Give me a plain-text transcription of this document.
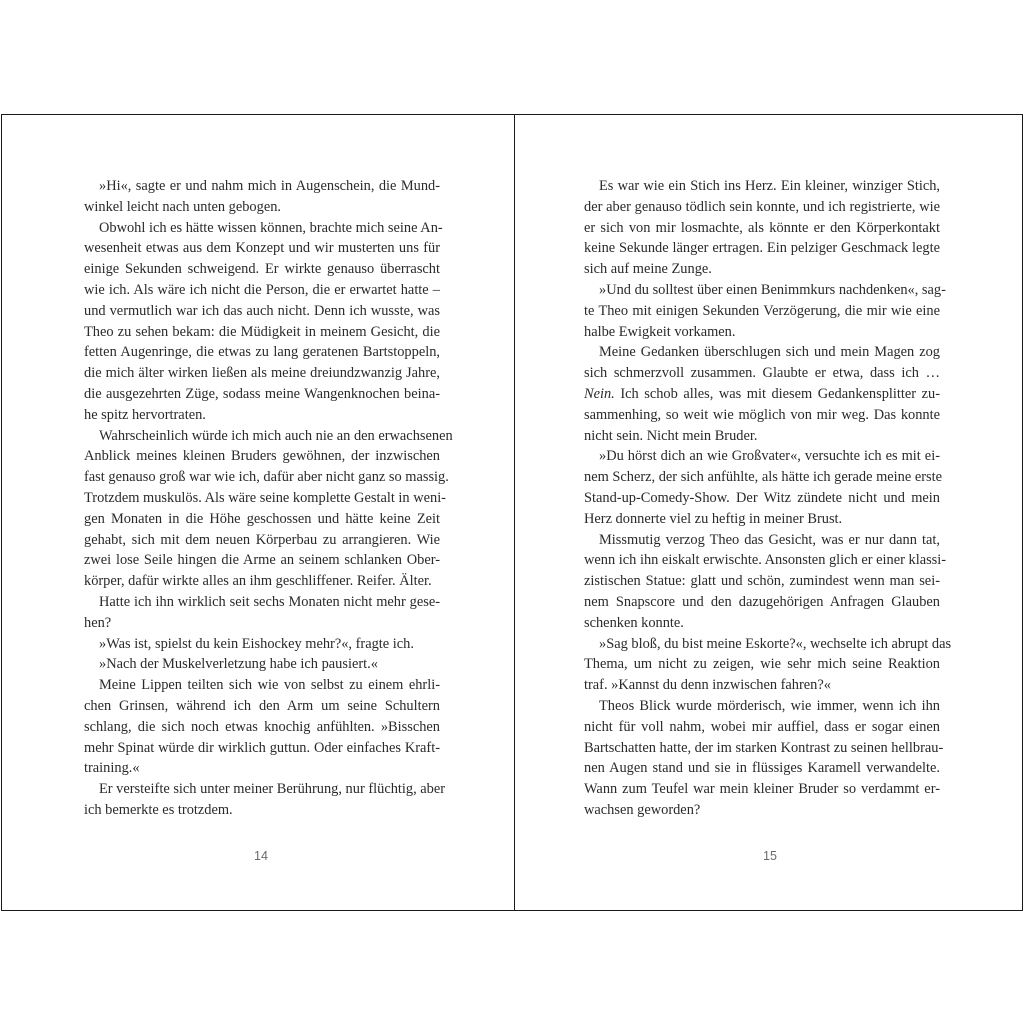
»Hi«, sagte er und nahm mich in Augenschein, die Mund-
winkel leicht nach unten gebogen.
Obwohl ich es hätte wissen können, brachte mich seine An-
wesenheit etwas aus dem Konzept und wir musterten uns für
einige Sekunden schweigend. Er wirkte genauso überrascht
wie ich. Als wäre ich nicht die Person, die er erwartet hatte –
und vermutlich war ich das auch nicht. Denn ich wusste, was
Theo zu sehen bekam: die Müdigkeit in meinem Gesicht, die
fetten Augenringe, die etwas zu lang geratenen Bartstoppeln,
die mich älter wirken ließen als meine dreiundzwanzig Jahre,
die ausgezehrten Züge, sodass meine Wangenknochen beina-
he spitz hervortraten.
Wahrscheinlich würde ich mich auch nie an den erwachsenen
Anblick meines kleinen Bruders gewöhnen, der inzwischen
fast genauso groß war wie ich, dafür aber nicht ganz so massig.
Trotzdem muskulös. Als wäre seine komplette Gestalt in weni-
gen Monaten in die Höhe geschossen und hätte keine Zeit
gehabt, sich mit dem neuen Körperbau zu arrangieren. Wie
zwei lose Seile hingen die Arme an seinem schlanken Ober-
körper, dafür wirkte alles an ihm geschliffener. Reifer. Älter.
Hatte ich ihn wirklich seit sechs Monaten nicht mehr gese-
hen?
»Was ist, spielst du kein Eishockey mehr?«, fragte ich.
»Nach der Muskelverletzung habe ich pausiert.«
Meine Lippen teilten sich wie von selbst zu einem ehrli-
chen Grinsen, während ich den Arm um seine Schultern
schlang, die sich noch etwas knochig anfühlten. »Bisschen
mehr Spinat würde dir wirklich guttun. Oder einfaches Kraft-
training.«
Er versteifte sich unter meiner Berührung, nur flüchtig, aber
ich bemerkte es trotzdem.
14
Es war wie ein Stich ins Herz. Ein kleiner, winziger Stich,
der aber genauso tödlich sein konnte, und ich registrierte, wie
er sich von mir losmachte, als könnte er den Körperkontakt
keine Sekunde länger ertragen. Ein pelziger Geschmack legte
sich auf meine Zunge.
»Und du solltest über einen Benimmkurs nachdenken«, sag-
te Theo mit einigen Sekunden Verzögerung, die mir wie eine
halbe Ewigkeit vorkamen.
Meine Gedanken überschlugen sich und mein Magen zog
sich schmerzvoll zusammen. Glaubte er etwa, dass ich …
Nein. Ich schob alles, was mit diesem Gedankensplitter zu-
sammenhing, so weit wie möglich von mir weg. Das konnte
nicht sein. Nicht mein Bruder.
»Du hörst dich an wie Großvater«, versuchte ich es mit ei-
nem Scherz, der sich anfühlte, als hätte ich gerade meine erste
Stand-up-Comedy-Show. Der Witz zündete nicht und mein
Herz donnerte viel zu heftig in meiner Brust.
Missmutig verzog Theo das Gesicht, was er nur dann tat,
wenn ich ihn eiskalt erwischte. Ansonsten glich er einer klassi-
zistischen Statue: glatt und schön, zumindest wenn man sei-
nem Snapscore und den dazugehörigen Anfragen Glauben
schenken konnte.
»Sag bloß, du bist meine Eskorte?«, wechselte ich abrupt das
Thema, um nicht zu zeigen, wie sehr mich seine Reaktion
traf. »Kannst du denn inzwischen fahren?«
Theos Blick wurde mörderisch, wie immer, wenn ich ihn
nicht für voll nahm, wobei mir auffiel, dass er sogar einen
Bartschatten hatte, der im starken Kontrast zu seinen hellbrau-
nen Augen stand und sie in flüssiges Karamell verwandelte.
Wann zum Teufel war mein kleiner Bruder so verdammt er-
wachsen geworden?
15
